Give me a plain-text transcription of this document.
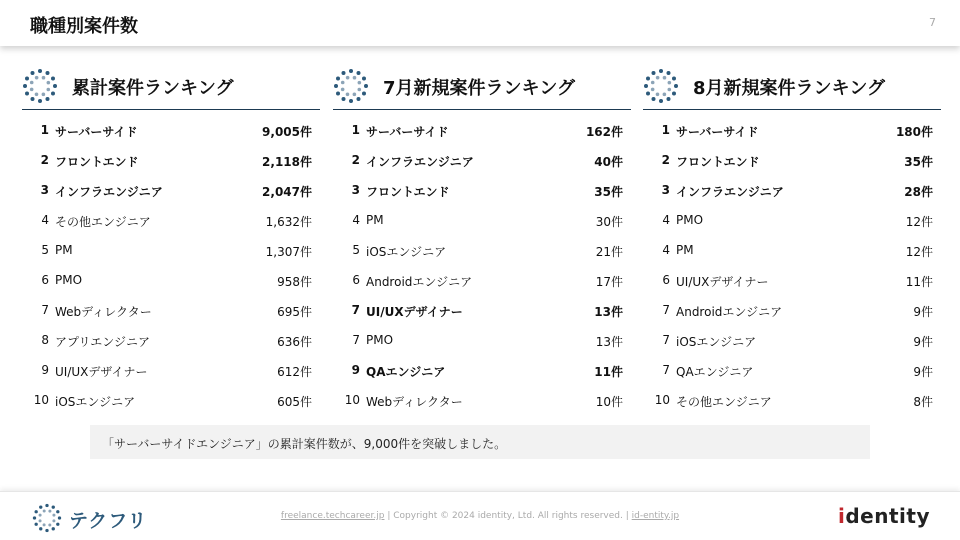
職種別案件数	7
累計案件ランキング
1 サーバーサイド	9,005件
2 フロントエンド	2,118件
3 インフラエンジニア	2,047件
4 その他エンジニア	1,632件
5 PM	1,307件
6 PMO	958件
7 Webディレクター	695件
8 アプリエンジニア	636件
9 UI/UXデザイナー	612件
10 iOSエンジニア	605件
7月新規案件ランキング
1 サーバーサイド	162件
2 インフラエンジニア	40件
3 フロントエンド	35件
4 PM	30件
5 iOSエンジニア	21件
6 Androidエンジニア	17件
7 UI/UXデザイナー	13件
7 PMO	13件
9 QAエンジニア	11件
10 Webディレクター	10件
8月新規案件ランキング
1 サーバーサイド	180件
2 フロントエンド	35件
3 インフラエンジニア	28件
4 PMO	12件
4 PM	12件
6 UI/UXデザイナー	11件
7 Androidエンジニア	9件
7 iOSエンジニア	9件
7 QAエンジニア	9件
10 その他エンジニア	8件
「サーバーサイドエンジニア」の累計案件数が、9,000件を突破しました。
テクフリ	freelance.techcareer.jp | Copyright © 2024 identity, Ltd. All rights reserved. | id-entity.jp	identity
